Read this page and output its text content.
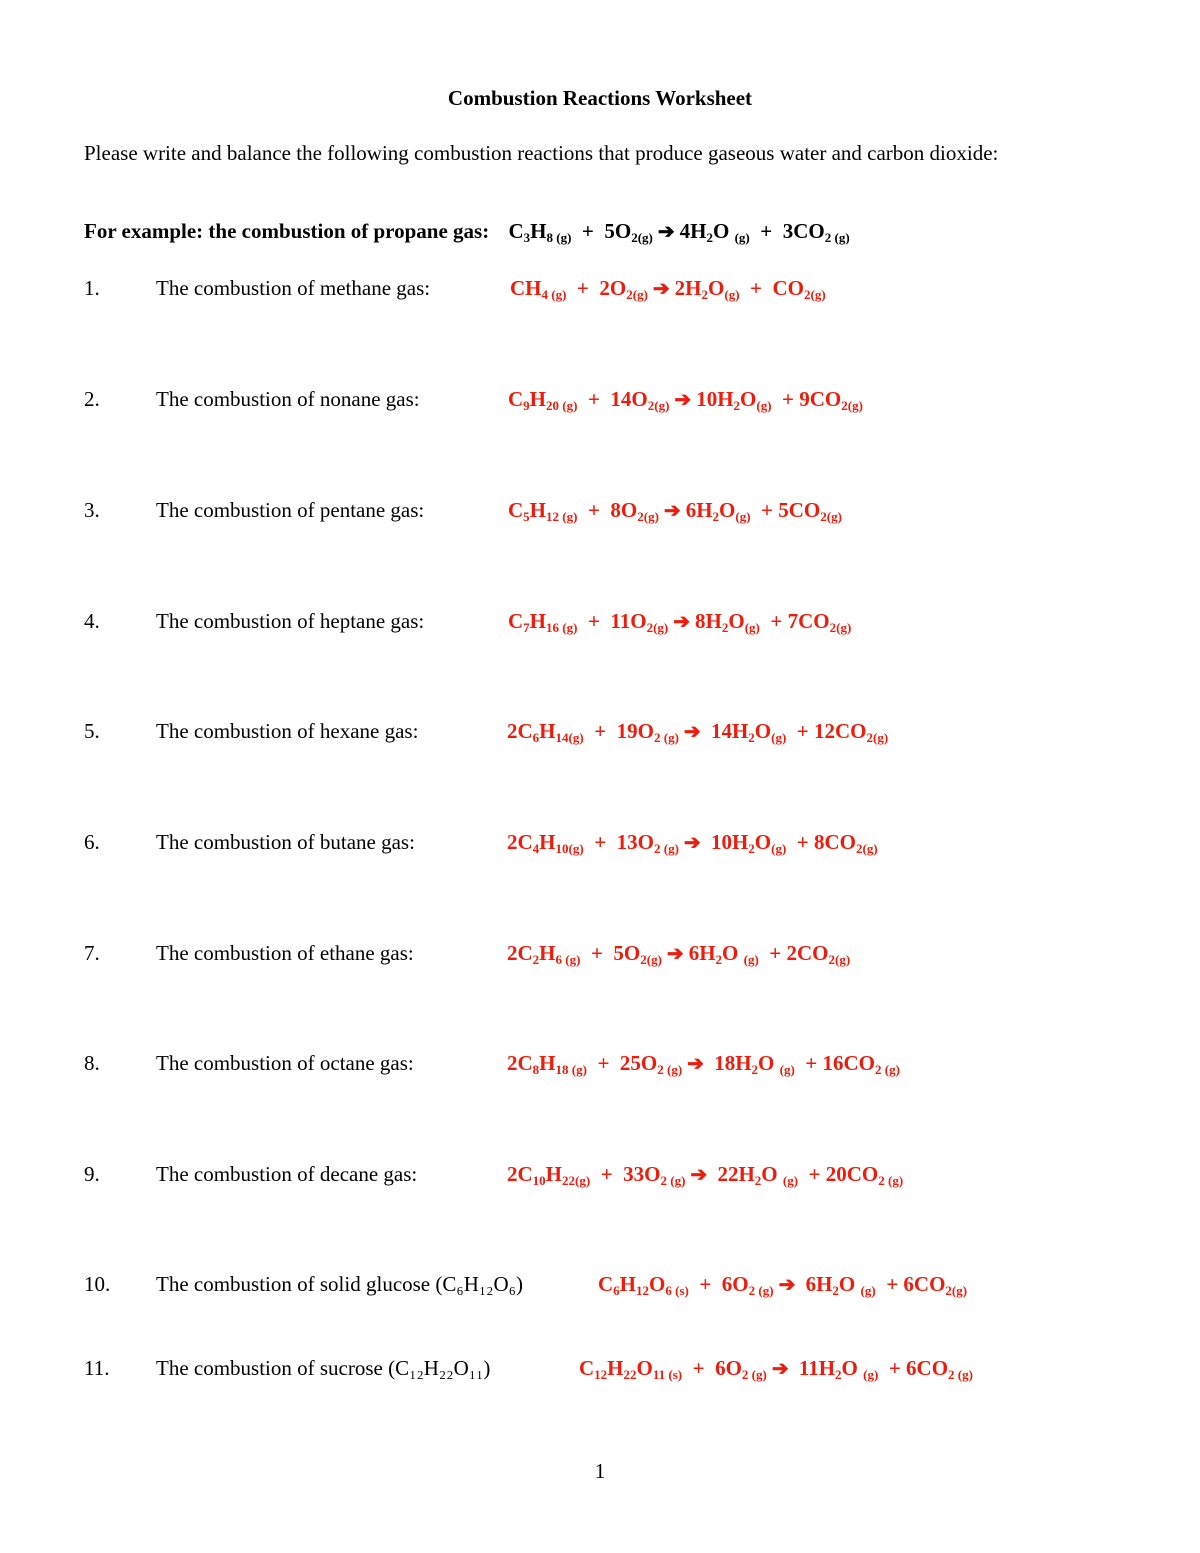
Combustion Reactions Worksheet
Please write and balance the following combustion reactions that produce gaseous water and carbon dioxide:
For example: the combustion of propane gas: $C_3H_{8 (g)} + 5O_{2(g)}$ ➔ $4H_2O$ $_{(g)} + 3CO_{2 (g)}$
1.	The combustion of methane gas:	$CH_{4 (g)} + 2O_{2(g)}$ ➔ $2H_2O_{(g)} + CO_{2(g)}$
2.	The combustion of nonane gas:	$C_9H_{20 (g)} + 14O_{2(g)}$ ➔ $10H_2O_{(g)} + 9CO_{2(g)}$
3.	The combustion of pentane gas:	$C_5H_{12 (g)} + 8O_{2(g)}$ ➔ $6H_2O_{(g)} + 5CO_{2(g)}$
4.	The combustion of heptane gas:	$C_7H_{16 (g)} + 11O_{2(g)}$ ➔ $8H_2O_{(g)} + 7CO_{2(g)}$
5.	The combustion of hexane gas:	$2C_6H_{14(g)} + 19O_{2 (g)}$ ➔  $14H_2O_{(g)} + 12CO_{2(g)}$
6.	The combustion of butane gas:	$2C_4H_{10(g)} + 13O_{2 (g)}$ ➔  $10H_2O_{(g)} + 8CO_{2(g)}$
7.	The combustion of ethane gas:	$2C_2H_{6 (g)} + 5O_{2(g)}$ ➔ $6H_2O$ $_{(g)} + 2CO_{2(g)}$
8.	The combustion of octane gas:	$2C_8H_{18 (g)} + 25O_{2 (g)}$ ➔  $18H_2O$ $_{(g)} + 16CO_{2 (g)}$
9.	The combustion of decane gas:	$2C_{10}H_{22(g)} + 33O_{2 (g)}$ ➔  $22H_2O$ $_{(g)} + 20CO_{2 (g)}$
10. The combustion of solid glucose (C₆H₁₂O₆)	$C_6H_{12}O_{6 (s)} + 6O_{2 (g)}$ ➔  $6H_2O$ $_{(g)} + 6CO_{2(g)}$
11. The combustion of sucrose (C₁₂H₂₂O₁₁)	$C_{12}H_{22}O_{11 (s)} + 6O_{2 (g)}$ ➔  $11H_2O$ $_{(g)} + 6CO_{2 (g)}$
1
